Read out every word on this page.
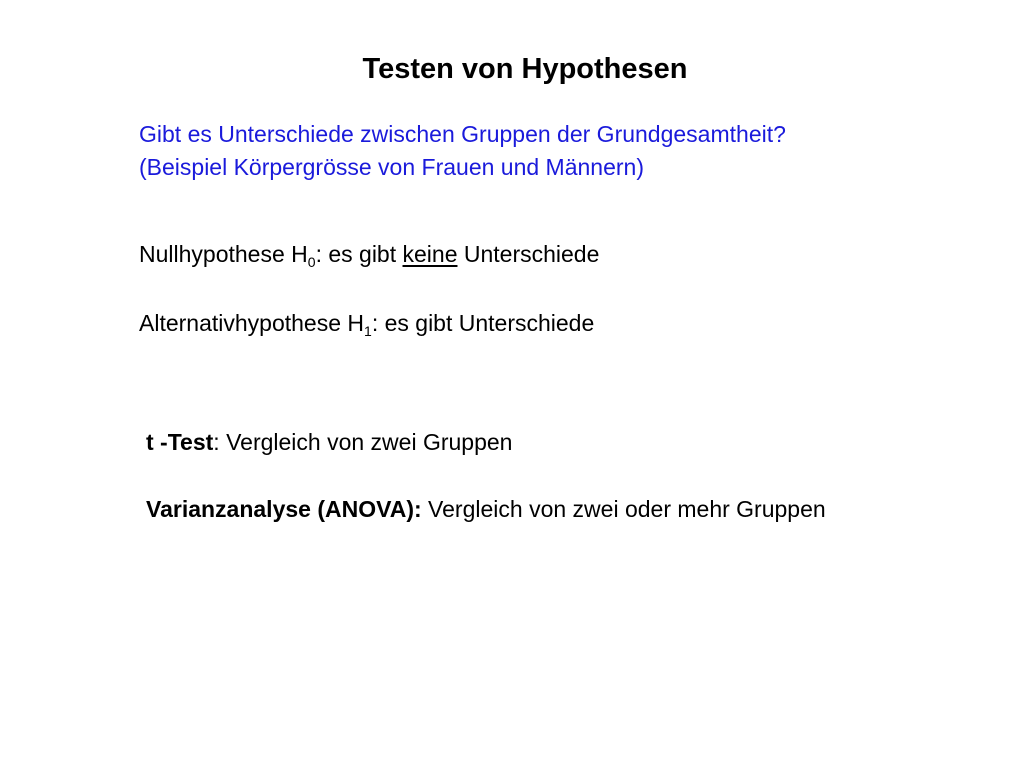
Testen von Hypothesen
Gibt es Unterschiede zwischen Gruppen der Grundgesamtheit?
(Beispiel Körpergrösse von Frauen und Männern)
Nullhypothese $H_0$: es gibt keine Unterschiede
Alternativhypothese $H_1$: es gibt Unterschiede
t -Test: Vergleich von zwei Gruppen
Varianzanalyse (ANOVA): Vergleich von zwei oder mehr Gruppen
